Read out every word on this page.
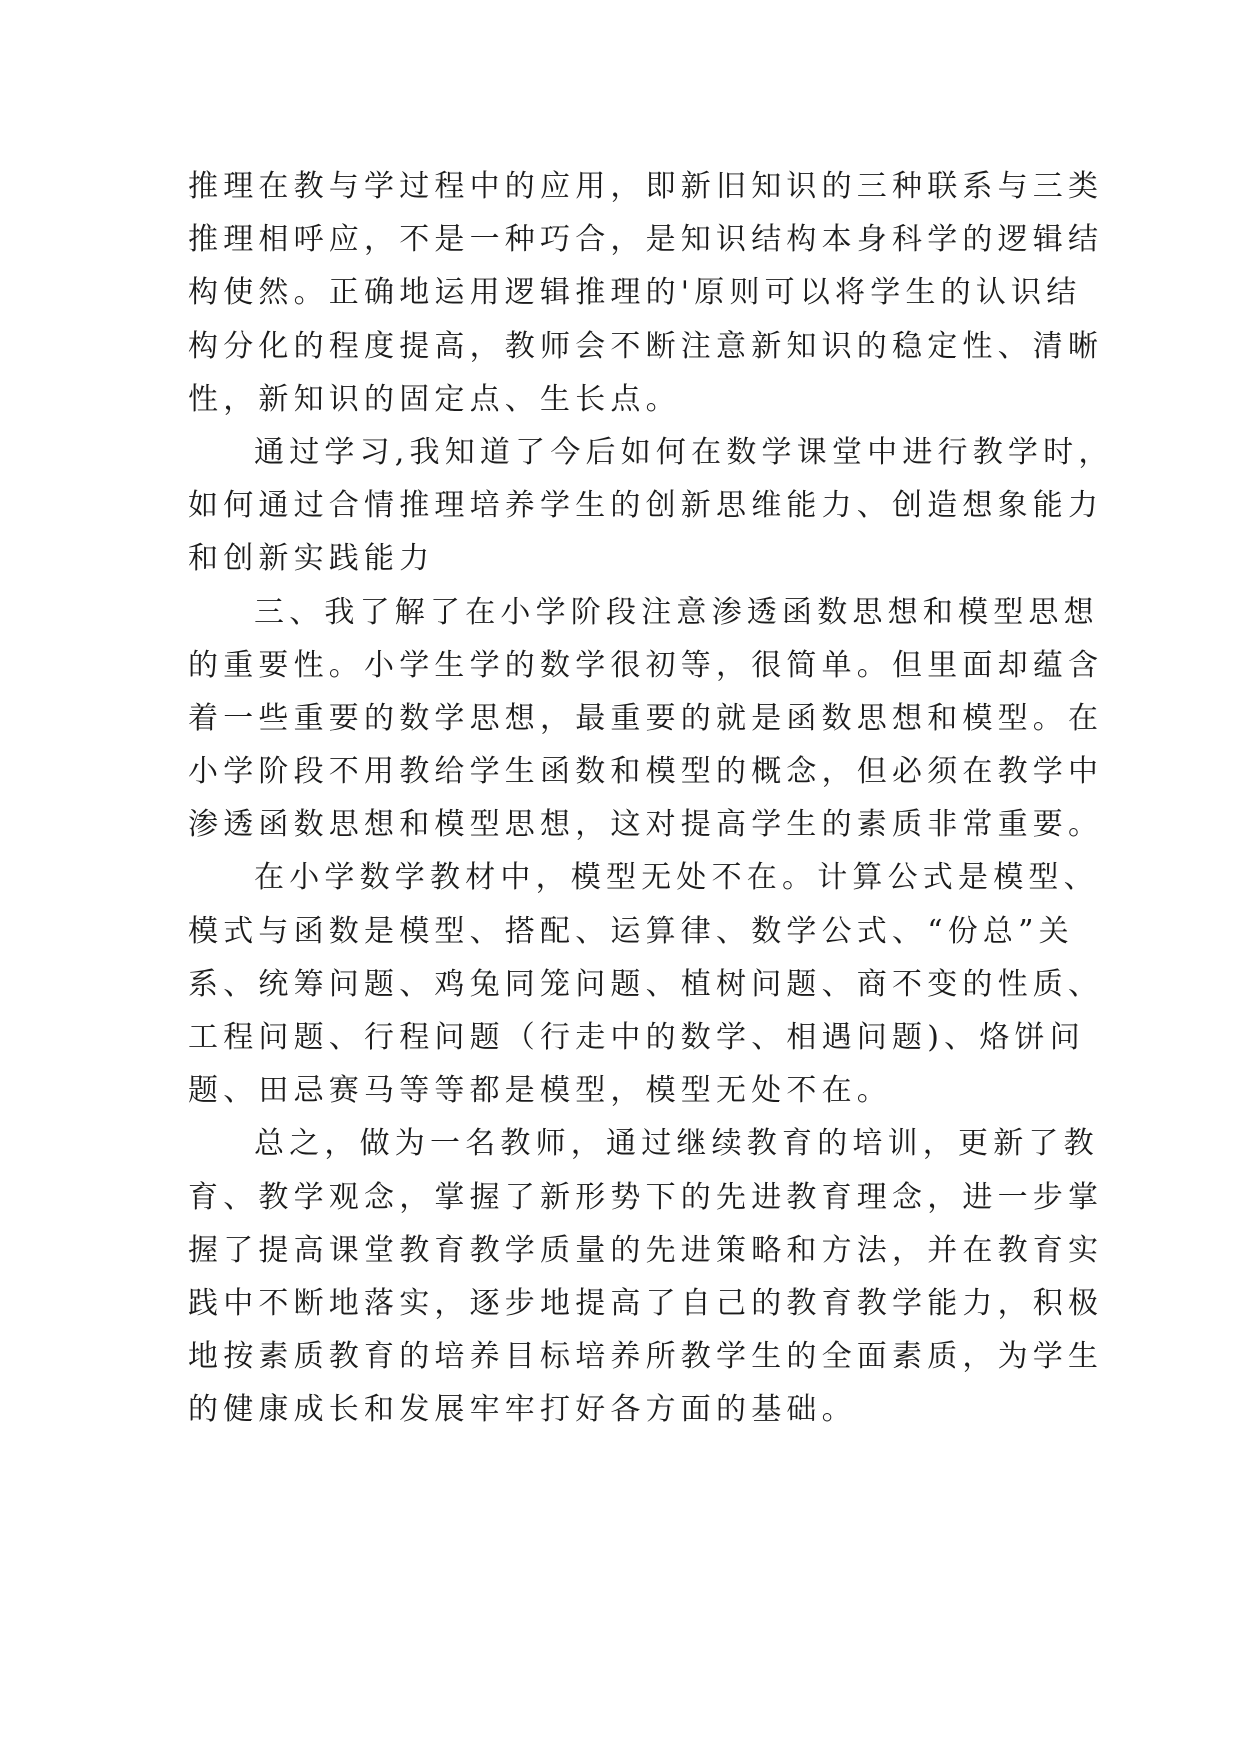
推理在教与学过程中的应用，即新旧知识的三种联系与三类
推理相呼应，不是一种巧合，是知识结构本身科学的逻辑结
构使然。正确地运用逻辑推理的'原则可以将学生的认识结
构分化的程度提高，教师会不断注意新知识的稳定性、清晰
性，新知识的固定点、生长点。
通过学习,我知道了今后如何在数学课堂中进行教学时，
如何通过合情推理培养学生的创新思维能力、创造想象能力
和创新实践能力
三、我了解了在小学阶段注意渗透函数思想和模型思想
的重要性。小学生学的数学很初等，很简单。但里面却蕴含
着一些重要的数学思想，最重要的就是函数思想和模型。在
小学阶段不用教给学生函数和模型的概念，但必须在教学中
渗透函数思想和模型思想，这对提高学生的素质非常重要。
在小学数学教材中，模型无处不在。计算公式是模型、
模式与函数是模型、搭配、运算律、数学公式、“份总”关
系、统筹问题、鸡兔同笼问题、植树问题、商不变的性质、
工程问题、行程问题（行走中的数学、相遇问题)、烙饼问
题、田忌赛马等等都是模型，模型无处不在。
总之，做为一名教师，通过继续教育的培训，更新了教
育、教学观念，掌握了新形势下的先进教育理念，进一步掌
握了提高课堂教育教学质量的先进策略和方法，并在教育实
践中不断地落实，逐步地提高了自己的教育教学能力，积极
地按素质教育的培养目标培养所教学生的全面素质，为学生
的健康成长和发展牢牢打好各方面的基础。
